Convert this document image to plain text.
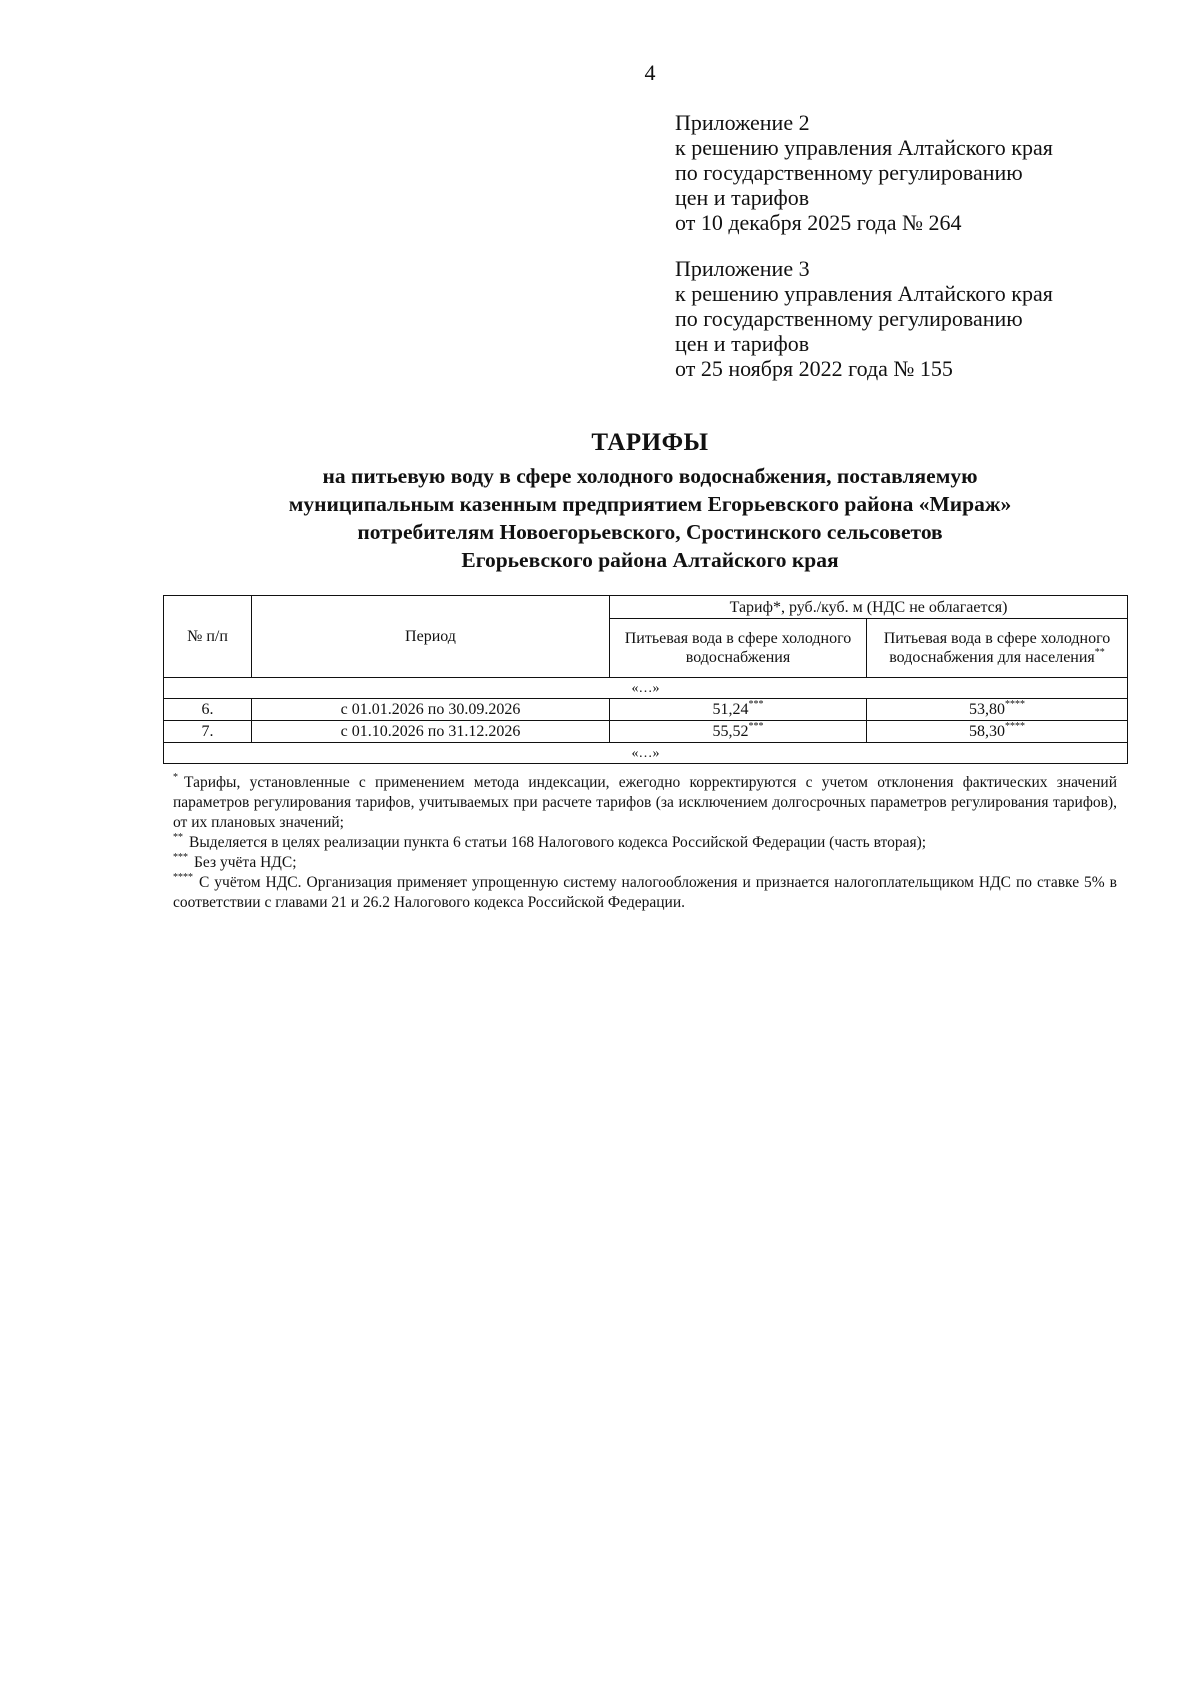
4
Приложение 2
к решению управления Алтайского края
по государственному регулированию
цен и тарифов
от 10 декабря 2025 года № 264
Приложение 3
к решению управления Алтайского края
по государственному регулированию
цен и тарифов
от 25 ноября 2022 года № 155
ТАРИФЫ
на питьевую воду в сфере холодного водоснабжения, поставляемую
муниципальным казенным предприятием Егорьевского района «Мираж»
потребителям Новоегорьевского, Сростинского сельсоветов
Егорьевского района Алтайского края
№ п/п	Период	Тариф*, руб./куб. м (НДС не облагается)	
		Питьевая вода в сфере холодного водоснабжения	Питьевая вода в сфере холодного водоснабжения для населения**
«…»			
6.	с 01.01.2026 по 30.09.2026	51,24***	53,80****
7.	с 01.10.2026 по 31.12.2026	55,52***	58,30****
«…»			

* Тарифы, установленные с применением метода индексации, ежегодно корректируются с учетом отклонения фактических значений параметров регулирования тарифов, учитываемых при расчете тарифов (за исключением долгосрочных параметров регулирования тарифов), от их плановых значений;

** Выделяется в целях реализации пункта 6 статьи 168 Налогового кодекса Российской Федерации (часть вторая);

*** Без учёта НДС;

**** С учётом НДС. Организация применяет упрощенную систему налогообложения и признается налогоплательщиком НДС по ставке 5% в соответствии с главами 21 и 26.2 Налогового кодекса Российской Федерации.
